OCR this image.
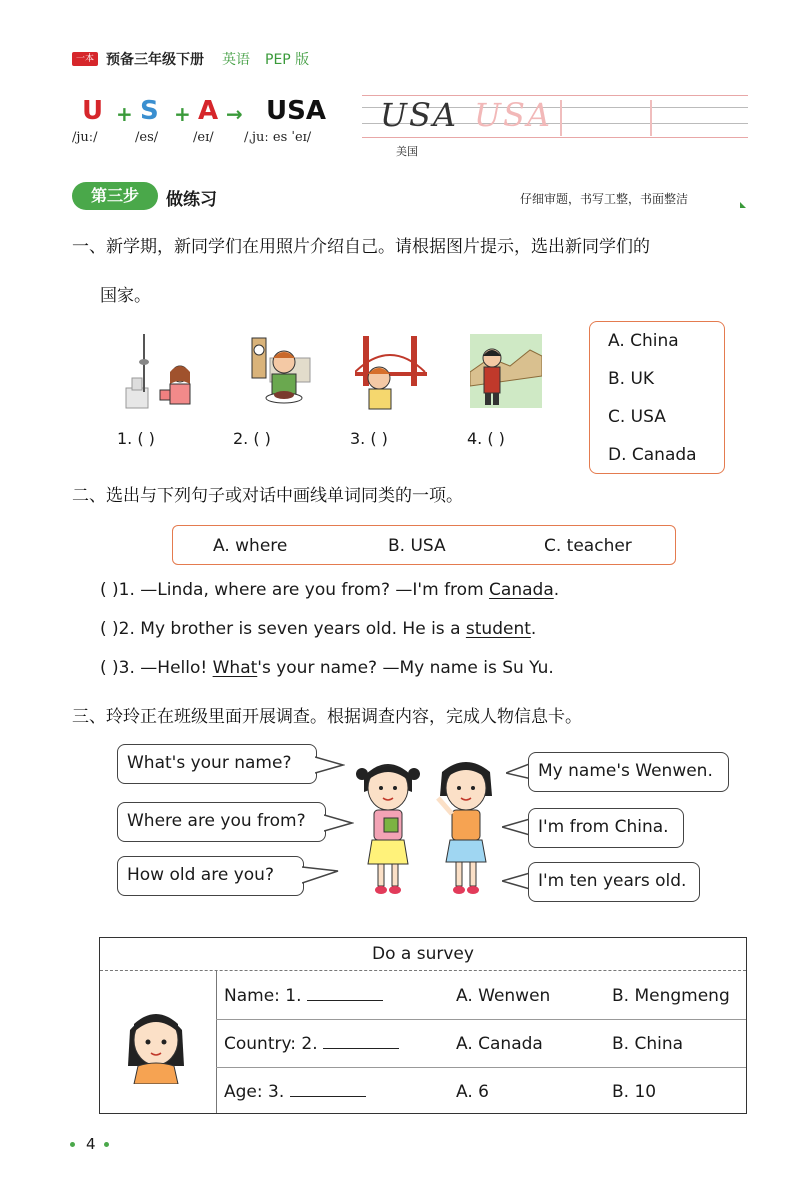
一本 预备三年级下册 英语 PEP 版
U + S + A → USA
/juː/	/es/	/eɪ/ /ˌjuː es ˈeɪ/
USA USA
美国
第三步	做练习	仔细审题，书写工整，书面整洁
一、新学期，新同学们在用照片介绍自己。请根据图片提示，选出新同学们的
国家。
1. ( )	2. ( )	3. ( )	4. ( )
A. China
B. UK
C. USA
D. Canada
二、选出与下列句子或对话中画线单词同类的一项。
A. where	B. USA	C. teacher
( )1. —Linda, where are you from? —I'm from Canada.
( )2. My brother is seven years old. He is a student.
( )3. —Hello! What's your name? —My name is Su Yu.
三、玲玲正在班级里面开展调查。根据调查内容，完成人物信息卡。
What's your name?
Where are you from?
How old are you?
My name's Wenwen.
I'm from China.
I'm ten years old.
Do a survey
Name: 1.	A. Wenwen	B. Mengmeng
Country: 2.	A. Canada	B. China
Age: 3.	A. 6	B. 10
4
